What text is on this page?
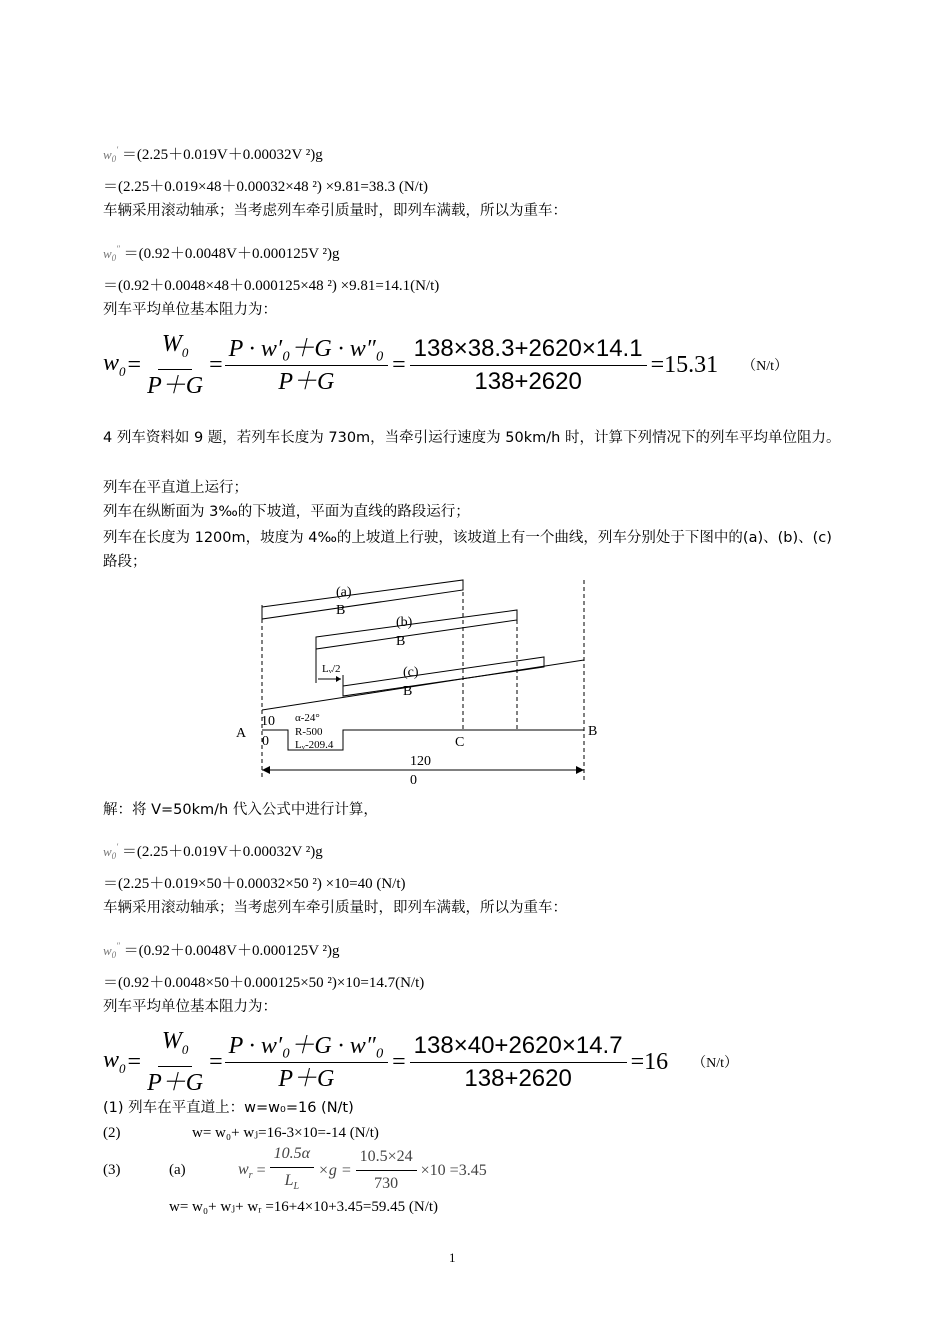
$w_0' =(2.25+0.019V+0.00032V$ ²)g
＝(2.25＋0.019×48＋0.00032×48 ²) ×9.81=38.3 (N/t)
车辆采用滚动轴承；当考虑列车牵引质量时，即列车满载，所以为重车：
$w_0'' =(0.92+0.0048V+0.000125V$ ²)g
＝(0.92＋0.0048×48＋0.000125×48 ²) ×9.81=14.1(N/t)
列车平均单位基本阻力为：
$w_0 = \frac{W_0}{P+G} = \frac{\text{P · w′₀＋G · w″₀}}{P+G} = \frac{138\times 38.3+2620\times 14.1}{138+2620} =15.31$ （N/t）
4 列车资料如 9 题，若列车长度为 730m，当牵引运行速度为 50km/h 时，计算下列情况下的列车平均单位阻力。
列车在平直道上运行；
列车在纵断面为 3‰的下坡道，平面为直线的路段运行；
列车在长度为 1200m，坡度为 4‰的上坡道上行驶，该坡道上有一个曲线，列车分别处于下图中的(a)、(b)、(c)路段；
(a)
B
(b)
B
(c)
B
Lᵥ/2
A
10
0
α-24°
R-500
Lᵥ-209.4	C
B
120
0
解：将 V=50km/h 代入公式中进行计算，
$w_0' =(2.25+0.019V+0.00032V$ ²)g
＝(2.25＋0.019×50＋0.00032×50 ²) ×10=40 (N/t)
车辆采用滚动轴承；当考虑列车牵引质量时，即列车满载，所以为重车：
$w_0'' =(0.92+0.0048V+0.000125V$ ²)g
＝(0.92＋0.0048×50＋0.000125×50 ²)×10=14.7(N/t)
列车平均单位基本阻力为：
$w_0 = \frac{W_0}{P+G} = \frac{\text{P · w′₀＋G · w″₀}}{P+G} = \frac{138\times 40+2620\times 14.7}{138+2620} =16$ （N/t）
(1) 列车在平直道上：w=w₀=16 (N/t)
(2)	w= w₀+ wⱼ=16-3×10=-14 (N/t)
(3)	(a)	$w_r = \frac{10.5\alpha}{L_L} \times g = \frac{10.5\times 24}{730} \times 10 =3.45$
w= w₀+ wⱼ+ wᵣ =16+4×10+3.45=59.45 (N/t)
1
